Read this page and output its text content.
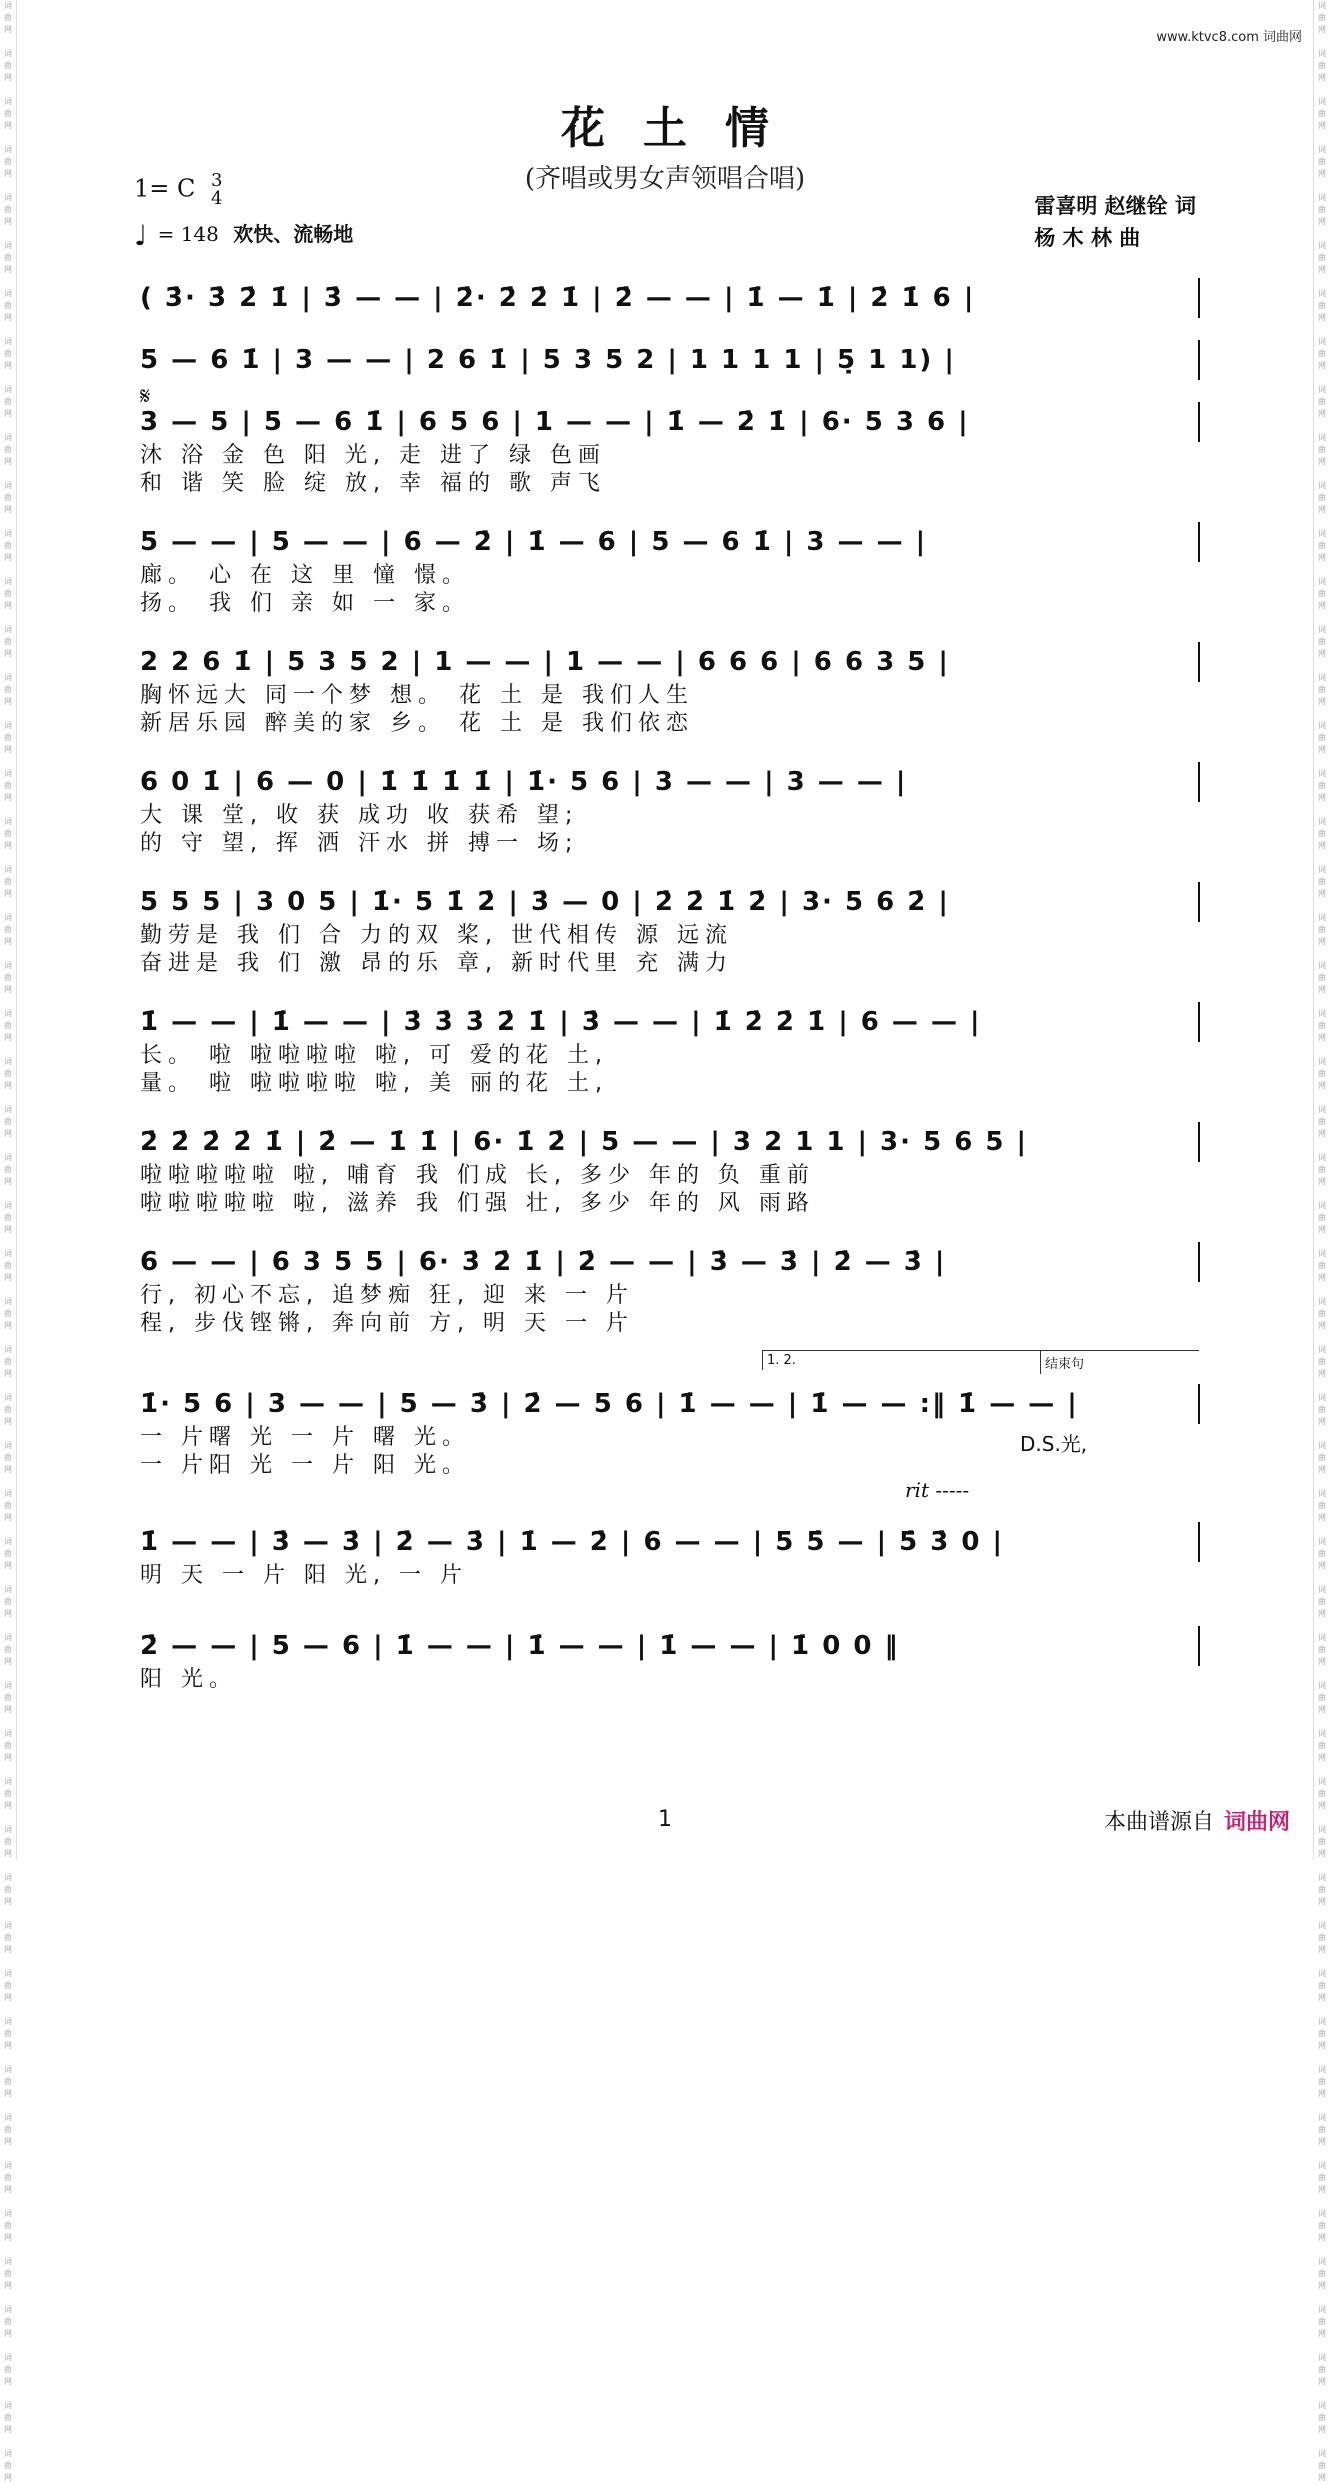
词
曲
网

词
曲
网

词
曲
网

词
曲
网

词
曲
网

词
曲
网

词
曲
网

词
曲
网

词
曲
网

词
曲
网

词
曲
网

词
曲
网

词
曲
网

词
曲
网

词
曲
网

词
曲
网

词
曲
网

词
曲
网

词
曲
网

词
曲
网

词
曲
网

词
曲
网

词
曲
网

词
曲
网

词
曲
网

词
曲
网

词
曲
网

词
曲
网

词
曲
网

词
曲
网

词
曲
网

词
曲
网

词
曲
网

词
曲
网

词
曲
网

词
曲
网

词
曲
网

词
曲
网

词
曲
网

词
曲
网

词
曲
网

词
曲
网

词
曲
网

词
曲
网

词
曲
网

词
曲
网

词
曲
网

词
曲
网

词
曲
网

词
曲
网

词
曲
网

词
曲
网

词
曲
网

词
曲
网

词
曲
网

词
曲
网

词
曲
网

词
曲
网

词
曲
网

词
曲
网

词
曲
网

词
曲
网

词
曲
网

词
曲
网

词
曲
网

词
曲
网

词
曲
网

词
曲
网

词
曲
网

词
曲
网

词
曲
网

词
曲
网

词
曲
网

词
曲
网

词
曲
网

词
曲
网

词
曲
网

词
曲
网

词
曲
网

词
曲
网

词
曲
网

词
曲
网

词
曲
网

词
曲
网

词
曲
网

词
曲
网

词
曲
网

词
曲
网

词
曲
网

词
曲
网

词
曲
网

词
曲
网

词
曲
网

词
曲
网

词
曲
网

词
曲
网

词
曲
网

词
曲
网

词
曲
网

词
曲
网

词
曲
网

词
曲
网

词
曲
网

词
曲
网

www.ktvc8.com 词曲网
花土情
(齐唱或男女声领唱合唱)
1= C 3
4
♩ = 148 欢快、流畅地
雷喜明 赵继铨 词
杨 木 林 曲
𝄋
( 3̇· 3̇ 2̇ 1̇ | 3̇ — — | 2̇· 2̇ 2̇ 1̇ | 2̇ — — | 1̇ — 1̇ | 2̇ 1̇ 6 |
5 — 6 1̇ | 3 — — | 2 6 1̇ | 5 3 5 2 | 1 1 1 1 | 5̣ 1 1) |
3 — 5 | 5 — 6 1̇ | 6 5 6 | 1 — — | 1̇ — 2̇ 1̇ | 6· 5 3 6 |
沐 浴 金 色 阳 光, 走 进了 绿 色画
和 谐 笑 脸 绽 放, 幸 福的 歌 声飞
5 — — | 5 — — | 6 — 2̇ | 1̇ — 6 | 5 — 6 1̇ | 3 — — |
廊。 心 在 这 里 憧 憬。
扬。 我 们 亲 如 一 家。
2 2 6 1̇ | 5 3 5 2 | 1 — — | 1 — — | 6 6 6 | 6 6 3 5 |
胸怀远大 同一个梦 想。 花 土 是 我们人生
新居乐园 醉美的家 乡。 花 土 是 我们依恋
6 0 1̇ | 6 — 0 | 1̇ 1̇ 1̇ 1̇ | 1̇· 5 6 | 3 — — | 3 — — |
大 课 堂, 收 获 成功 收 获希 望;
的 守 望, 挥 洒 汗水 拼 搏一 场;
5 5 5 | 3 0 5 | 1̇· 5 1̇ 2̇ | 3̇ — 0 | 2̇ 2̇ 1̇ 2̇ | 3· 5 6 2̇ |
勤劳是 我 们 合 力的双 桨, 世代相传 源 远流
奋进是 我 们 激 昂的乐 章, 新时代里 充 满力
1̇ — — | 1̇ — — | 3̇ 3̇ 3̇ 2̇ 1̇ | 3̇ — — | 1̇ 2̇ 2̇ 1̇ | 6 — — |
长。 啦 啦啦啦啦 啦, 可 爱的花 土,
量。 啦 啦啦啦啦 啦, 美 丽的花 土,
2̇ 2̇ 2̇ 2̇ 1̇ | 2̇ — 1̇ 1̇ | 6· 1̇ 2̇ | 5 — — | 3 2 1 1 | 3· 5 6 5 |
啦啦啦啦啦 啦, 哺育 我 们成 长, 多少 年的 负 重前
啦啦啦啦啦 啦, 滋养 我 们强 壮, 多少 年的 风 雨路
6 — — | 6 3 5 5 | 6· 3̇ 2̇ 1̇ | 2̇ — — | 3̇ — 3̇ | 2̇ — 3̇ |
行, 初心不忘, 追梦痴 狂, 迎 来 一 片
程, 步伐铿锵, 奔向前 方, 明 天 一 片
1. 2.	结束句
1̇· 5 6 | 3 — — | 5 — 3̇ | 2̇ — 5 6 | 1̇ — — | 1̇ — — :‖ 1̇ — — |
一 片曙 光 一 片 曙 光。
一 片阳 光 一 片 阳 光。
D.S.光,
rit -----
1̇ — — | 3̇ — 3̇ | 2̇ — 3̇ | 1̇ — 2̇ | 6 — — | 5 5̇ — | 5̇ 3̇ 0 |
明 天 一 片 阳 光, 一 片
2̇ — — | 5 — 6 | 1̇ — — | 1̇ — — | 1̇ — — | 1̇ 0 0 ‖
阳 光。
1	本曲谱源自 词曲网
